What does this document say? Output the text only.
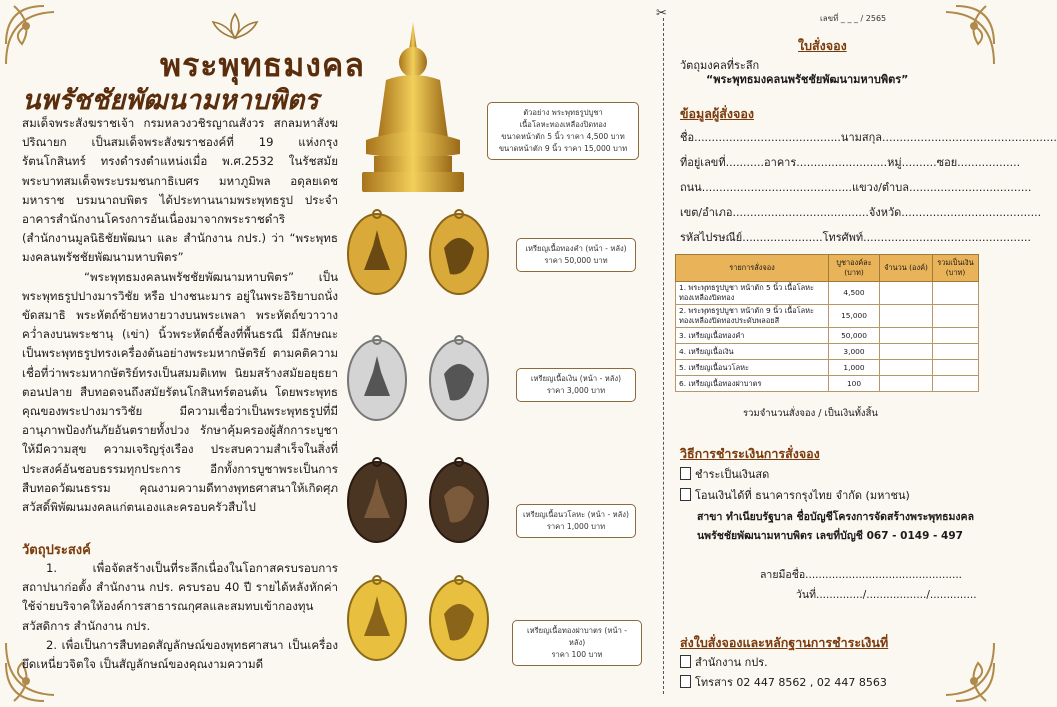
✂
พระพุทธมงคล
นพรัชชัยพัฒนามหาบพิตร

สมเด็จพระสังฆราชเจ้า กรมหลวงวชิรญาณสังวร สกลมหาสังฆปริณายก เป็นสมเด็จพระสังฆราชองค์ที่ 19 แห่งกรุงรัตนโกสินทร์ ทรงดำรงตำแหน่งเมื่อ พ.ศ.2532 ในรัชสมัยพระบาทสมเด็จพระบรมชนกาธิเบศร มหาภูมิพล อดุลยเดชมหาราช บรมนาถบพิตร ได้ประทานนามพระพุทธรูป ประจำอาคารสำนักงานโครงการอันเนื่องมาจากพระราชดำริ (สำนักงานมูลนิธิชัยพัฒนา และ สำนักงาน กปร.) ว่า “พระพุทธมงคลนพรัชชัยพัฒนามหาบพิตร”

“พระพุทธมงคลนพรัชชัยพัฒนามหาบพิตร” เป็นพระพุทธรูปปางมารวิชัย หรือ ปางชนะมาร อยู่ในพระอิริยาบถนั่งขัดสมาธิ พระหัตถ์ซ้ายหงายวางบนพระเพลา พระหัตถ์ขวาวางคว่ำลงบนพระชานุ (เข่า) นิ้วพระหัตถ์ชี้ลงที่พื้นธรณี มีลักษณะเป็นพระพุทธรูปทรงเครื่องต้นอย่างพระมหากษัตริย์ ตามคติความเชื่อที่ว่าพระมหากษัตริย์ทรงเป็นสมมติเทพ นิยมสร้างสมัยอยุธยาตอนปลาย สืบทอดจนถึงสมัยรัตนโกสินทร์ตอนต้น โดยพระพุทธคุณของพระปางมารวิชัย มีความเชื่อว่าเป็นพระพุทธรูปที่มีอานุภาพป้องกันภัยอันตรายทั้งปวง รักษาคุ้มครองผู้สักการะบูชาให้มีความสุข ความเจริญรุ่งเรือง ประสบความสำเร็จในสิ่งที่ประสงค์อันชอบธรรมทุกประการ อีกทั้งการบูชาพระเป็นการสืบทอดวัฒนธรรม คุณงามความดีทางพุทธศาสนาให้เกิดศุภสวัสดิ์พิพัฒนมงคลแก่ตนเองและครอบครัวสืบไป

วัตถุประสงค์

1. เพื่อจัดสร้างเป็นที่ระลึกเนื่องในโอกาสครบรอบการสถาปนาก่อตั้ง สำนักงาน กปร. ครบรอบ 40 ปี รายได้หลังหักค่าใช้จ่ายบริจาคให้องค์การสาธารณกุศลและสมทบเข้ากองทุนสวัสดิการ สำนักงาน กปร.

2. เพื่อเป็นการสืบทอดสัญลักษณ์ของพุทธศาสนา เป็นเครื่องยึดเหนี่ยวจิตใจ เป็นสัญลักษณ์ของคุณงามความดี

ตัวอย่าง พระพุทธรูปบูชา
เนื้อโลหะทองเหลืองปิดทอง
ขนาดหน้าตัก 5 นิ้ว ราคา 4,500 บาท
ขนาดหน้าตัก 9 นิ้ว ราคา 15,000 บาท
เหรียญเนื้อทองคำ (หน้า - หลัง)
ราคา 50,000 บาท
เหรียญเนื้อเงิน (หน้า - หลัง)
ราคา 3,000 บาท
เหรียญเนื้อนวโลหะ (หน้า - หลัง)
ราคา 1,000 บาท
เหรียญเนื้อทองฝาบาตร (หน้า - หลัง)
ราคา 100 บาท
เลขที่ _ _ _ / 2565
ใบสั่งจอง
วัตถุมงคลที่ระลึก
“พระพุทธมงคลนพรัชชัยพัฒนามหาบพิตร”
ข้อมูลผู้สั่งจอง
ชื่อ..........................................นามสกุล..................................................
ที่อยู่เลขที่...........อาคาร..........................หมู่..........ซอย..................
ถนน...........................................แขวง/ตำบล...................................
เขต/อำเภอ.......................................จังหวัด........................................
รหัสไปรษณีย์.......................โทรศัพท์................................................
รายการสั่งจอง	บูชาองค์ละ (บาท)	จำนวน (องค์)	รวมเป็นเงิน (บาท)
1. พระพุทธรูปบูชา หน้าตัก 5 นิ้ว เนื้อโลหะทองเหลืองปิดทอง	4,500		
2. พระพุทธรูปบูชา หน้าตัก 9 นิ้ว เนื้อโลหะทองเหลืองปิดทองประดับพลอยสี	15,000		
3. เหรียญเนื้อทองคำ	50,000		
4. เหรียญเนื้อเงิน	3,000		
5. เหรียญเนื้อนวโลหะ	1,000		
6. เหรียญเนื้อทองฝาบาตร	100		
รวมจำนวนสั่งจอง / เป็นเงินทั้งสิ้น
วิธีการชำระเงินการสั่งจอง
ชำระเป็นเงินสด
โอนเงินได้ที่ ธนาคารกรุงไทย จำกัด (มหาชน)
สาขา ทำเนียบรัฐบาล ชื่อบัญชีโครงการจัดสร้างพระพุทธมงคล
นพรัชชัยพัฒนามหาบพิตร เลขที่บัญชี 067 - 0149 - 497
ลายมือชื่อ...............................................
วันที่............../................../..............
ส่งใบสั่งจองและหลักฐานการชำระเงินที่
สำนักงาน กปร.
โทรสาร 02 447 8562 , 02 447 8563
